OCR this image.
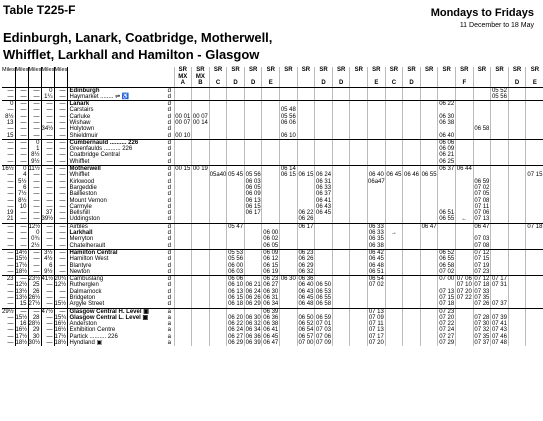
Table T225-F	Mondays to Fridays
11 December to 18 May
Edinburgh, Lanark, Coatbridge, Motherwell,
Whifflet, Larkhall and Hamilton - Glasgow
Miles	Miles	Miles	Miles	Miles			SR	SR	SR	SR	SR	SR	SR	SR	SR	SR	SR	SR	SR	SR	SR	SR	SR	SR	SR	SR	SR
							MX	MX																			
							A	B	C	D	D	E			D	D		E	C	D			F			D	E
—	—	—	0	—	Edinburgh	d																			05 52		
—	—	—	1¼	—	Haymarket ........ ⇌ ♿	d																			05 56		
0	—	—	—	—	Lanark	d																06 22					
—	—	—	—	—	Carstairs	d							05 48														
8½	—	—	—	—	Carluke	d	00 01	00 07					05 56									06 30					
13	—	—	—	—	Wishaw	d	00 07	00 14					06 06									06 38					
—	—	—	34½	—	Holytown	d																		06 58			
15	—	—	—	—	Shieldmuir	d	00 10						06 10									06 40					
—	—	0	—	—	Cumbernauld .......... 226	d																06 06					
—	—	1	—	—	Greenfaulds .......... 226	d																06 09					
—	—	8½	—	—	Coatbridge Central	d																06 21					
—	—	9½	—	—	Whifflet	d																06 25					
16½	0	11½	—	—	Motherwell	d	00 15	00 19					06 14									06 37	06 44				
—	4	—	—	—	Whifflet	d			05a40	05 45	05 56		06 15	06 15	06 24			06 40	06 45	06 46	06 55						07 15
—	5½	—	—	—	Kirkwood	d					06 03				06 31			06a47						06 59			
—	6	—	—	—	Bargeddie	d					06 05				06 33									07 02			
—	7½	—	—	—	Baillieston	d					06 09				06 37									07 05			
—	8½	—	—	—	Mount Vernon	d					06 13				06 41									07 08			
—	10	—	—	—	Carmyle	d					06 15				06 43									07 11			
19	—	—	37	—	Bellshill	d					06 17			06 22	06 45							06 51		07 06			
21	—	—	39½	—	Uddingston	d								06 26								06 55	←	07 13			
—	—	12½	—	—	Airbles	d				05 47				06 17				06 33			06 47			06 47			07 18
—	—	0	—	—	Larkhall	d						06 00						06 33	→								
—	—	0¾	—	—	Merryton	d						06 02						06 35						07 03			
—	—	2½	—	—	Chatelherault	d						06 05						06 38						07 08			
—	14½	—	3½	—	Hamilton Central	d				05 53		06 09		06 23				06 42				06 52		07 12			
—	15½	—	4½	—	Hamilton West	d				05 56		06 12		06 26				06 45				06 55		07 15			
—	17½	—	6	—	Blantyre	d				06 00		06 15		06 29				06 48				06 58		07 19			
—	18½	—	9½	—	Newton	d				06 03		06 19		06 32				06 51				07 02		07 23			
23	—	23½	41½	20¾	Cambuslang	d				06 06		06 23	06 30	06 36				06 54				07 00	07 06	07 12	07 17		
—	12½	25	—	12½	Rutherglen	d				06 10	06 21	06 27		06 40	06 50			07 02					07 10	07 18	07 31		
—	13½	26	—	—	Dalmarnock	d				06 13	06 24	06 30		06 43	06 53							07 13	07 20	07 33			
—	13½	26½	—	—	Bridgeton	d				06 15	06 26	06 31		06 45	06 55							07 15	07 22	07 35			
—	15	27½	—	15½	Argyle Street	d				06 18	06 29	06 34		06 48	06 58							07 18		07 26	07 37		
29½	—	—	47½	—	Glasgow Central H. Level ▣	a						06 39						07 13				07 23					
—	15½	28	—	15¾	Glasgow Central L. Level ▣	a				06 20	06 30	06 36		06 50	06 59			07 09				07 20		07 28	07 39		
—	16	28½	—	16½	Anderston	a				06 22	06 32	06 38		06 52	07 01			07 11				07 22		07 30	07 41		
—	16½	29	—	16½	Exhibition Centre	a				06 24	06 34	06 41		06 54	07 03			07 13				07 24		07 32	07 43		
—	17½	30	—	17½	Partick .......... 226	a				06 27	06 36	06 45		06 57	07 06			07 17				07 27		07 35	07 46		
—	18½	30½	—	18½	Hyndland ▣	a				06 29	06 39	06 47		07 00	07 09			07 20				07 29		07 37	07 48		
